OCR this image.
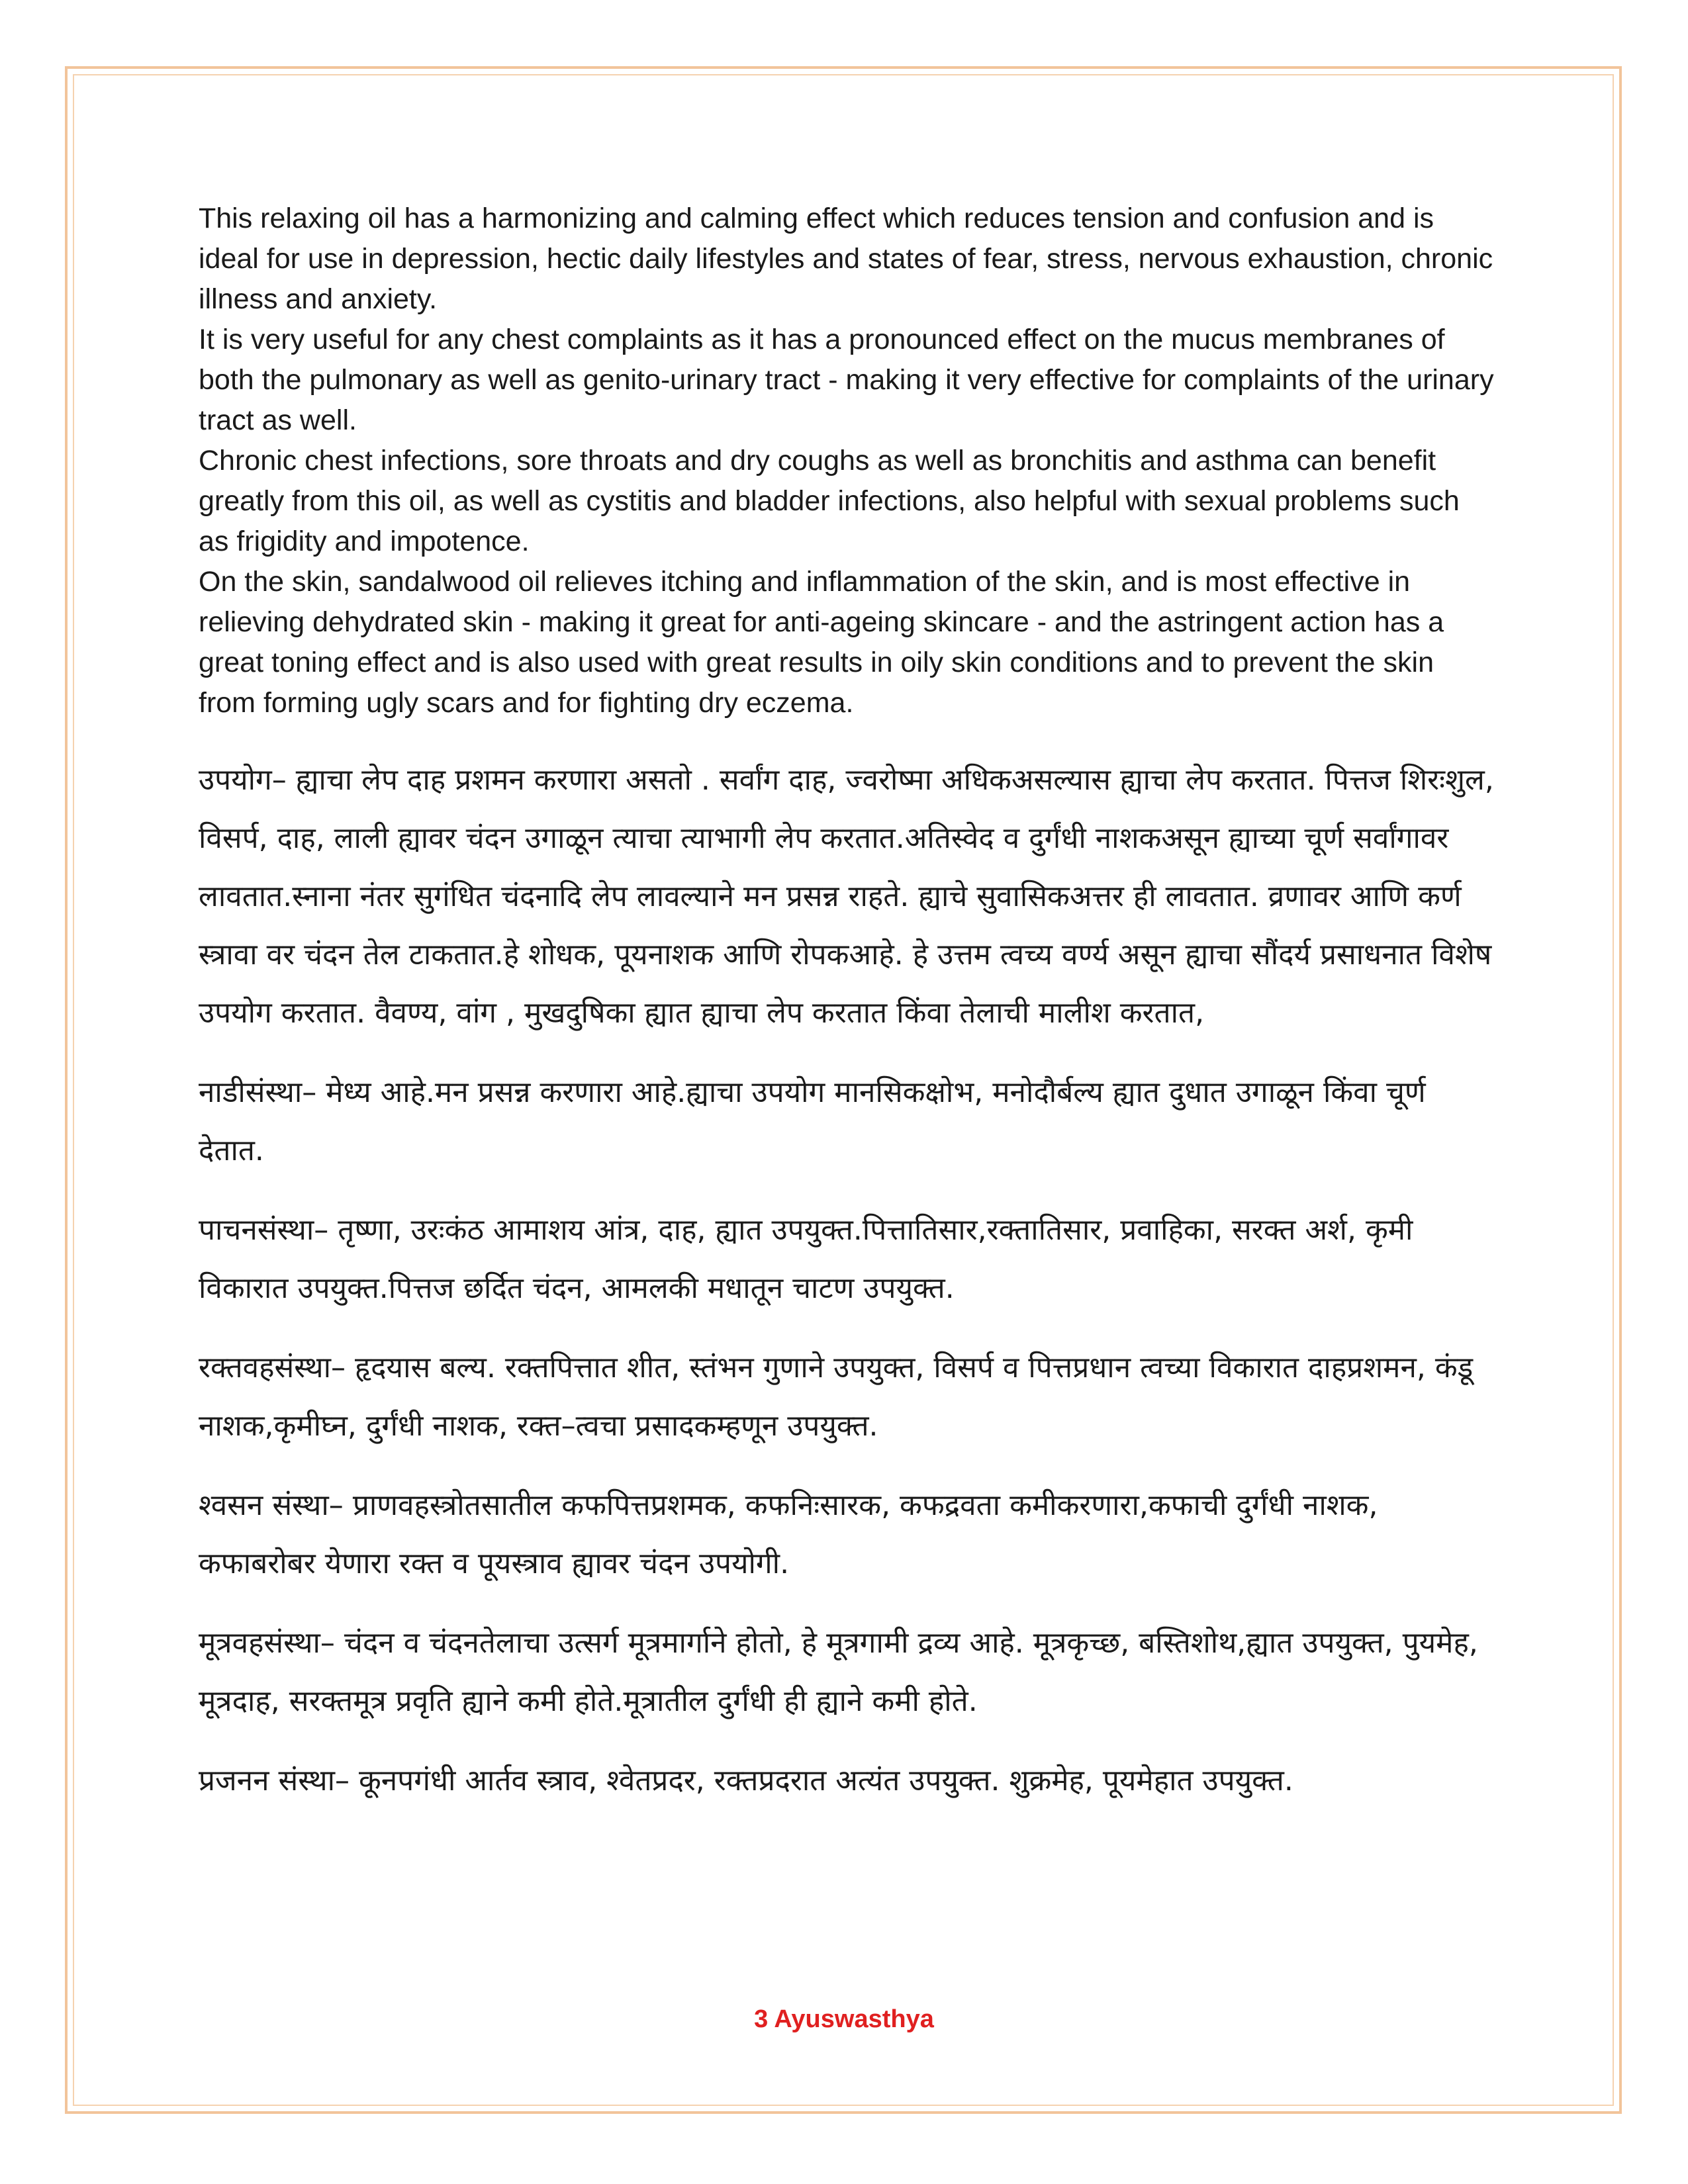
This relaxing oil has a harmonizing and calming effect which reduces tension and confusion and is ideal for use in depression, hectic daily lifestyles and states of fear, stress, nervous exhaustion, chronic illness and anxiety.

It is very useful for any chest complaints as it has a pronounced effect on the mucus membranes of both the pulmonary as well as genito-urinary tract - making it very effective for complaints of the urinary tract as well.

Chronic chest infections, sore throats and dry coughs as well as bronchitis and asthma can benefit greatly from this oil, as well as cystitis and bladder infections, also helpful with sexual problems such as frigidity and impotence.

On the skin, sandalwood oil relieves itching and inflammation of the skin, and is most effective in relieving dehydrated skin - making it great for anti-ageing skincare - and the astringent action has a great toning effect and is also used with great results in oily skin conditions and to prevent the skin from forming ugly scars and for fighting dry eczema.

उपयोग– ह्याचा लेप दाह प्रशमन करणारा असतो . सर्वांग दाह, ज्वरोष्मा अधिकअसल्यास ह्याचा लेप करतात. पित्तज शिरःशुल, विसर्प, दाह, लाली ह्यावर चंदन उगाळून त्याचा त्याभागी लेप करतात.अतिस्वेद व दुर्गंधी नाशकअसून ह्याच्या चूर्ण सर्वांगावर लावतात.स्नाना नंतर सुगंधित चंदनादि लेप लावल्याने मन प्रसन्न राहते. ह्याचे सुवासिकअत्तर ही लावतात. व्रणावर आणि कर्ण स्त्रावा वर चंदन तेल टाकतात.हे शोधक, पूयनाशक आणि रोपकआहे. हे उत्तम त्वच्य वर्ण्य असून ह्याचा सौंदर्य प्रसाधनात विशेष उपयोग करतात. वैवण्य, वांग , मुखदुषिका ह्यात ह्याचा लेप करतात किंवा तेलाची मालीश करतात,

नाडीसंस्था– मेध्य आहे.मन प्रसन्न करणारा आहे.ह्याचा उपयोग मानसिकक्षोभ, मनोदौर्बल्य ह्यात दुधात उगाळून किंवा चूर्ण देतात.

पाचनसंस्था– तृष्णा, उरःकंठ आमाशय आंत्र, दाह, ह्यात उपयुक्त.पित्तातिसार,रक्तातिसार, प्रवाहिका, सरक्त अर्श, कृमी विकारात उपयुक्त.पित्तज छर्दित चंदन, आमलकी मधातून चाटण उपयुक्त.

रक्तवहसंस्था– हृदयास बल्य. रक्तपित्तात शीत, स्तंभन गुणाने उपयुक्त, विसर्प व पित्तप्रधान त्वच्या विकारात दाहप्रशमन, कंडू नाशक,कृमीघ्न, दुर्गंधी नाशक, रक्त–त्वचा प्रसादकम्हणून उपयुक्त.

श्वसन संस्था– प्राणवहस्त्रोतसातील कफपित्तप्रशमक, कफनिःसारक, कफद्रवता कमीकरणारा,कफाची दुर्गंधी नाशक, कफाबरोबर येणारा रक्त व पूयस्त्राव ह्यावर चंदन उपयोगी.

मूत्रवहसंस्था– चंदन व चंदनतेलाचा उत्सर्ग मूत्रमार्गाने होतो, हे मूत्रगामी द्रव्य आहे. मूत्रकृच्छ, बस्तिशोथ,ह्यात उपयुक्त, पुयमेह, मूत्रदाह, सरक्तमूत्र प्रवृति ह्याने कमी होते.मूत्रातील दुर्गंधी ही ह्याने कमी होते.

प्रजनन संस्था– कूनपगंधी आर्तव स्त्राव, श्वेतप्रदर, रक्तप्रदरात अत्यंत उपयुक्त. शुक्रमेह, पूयमेहात उपयुक्त.

3 Ayuswasthya
